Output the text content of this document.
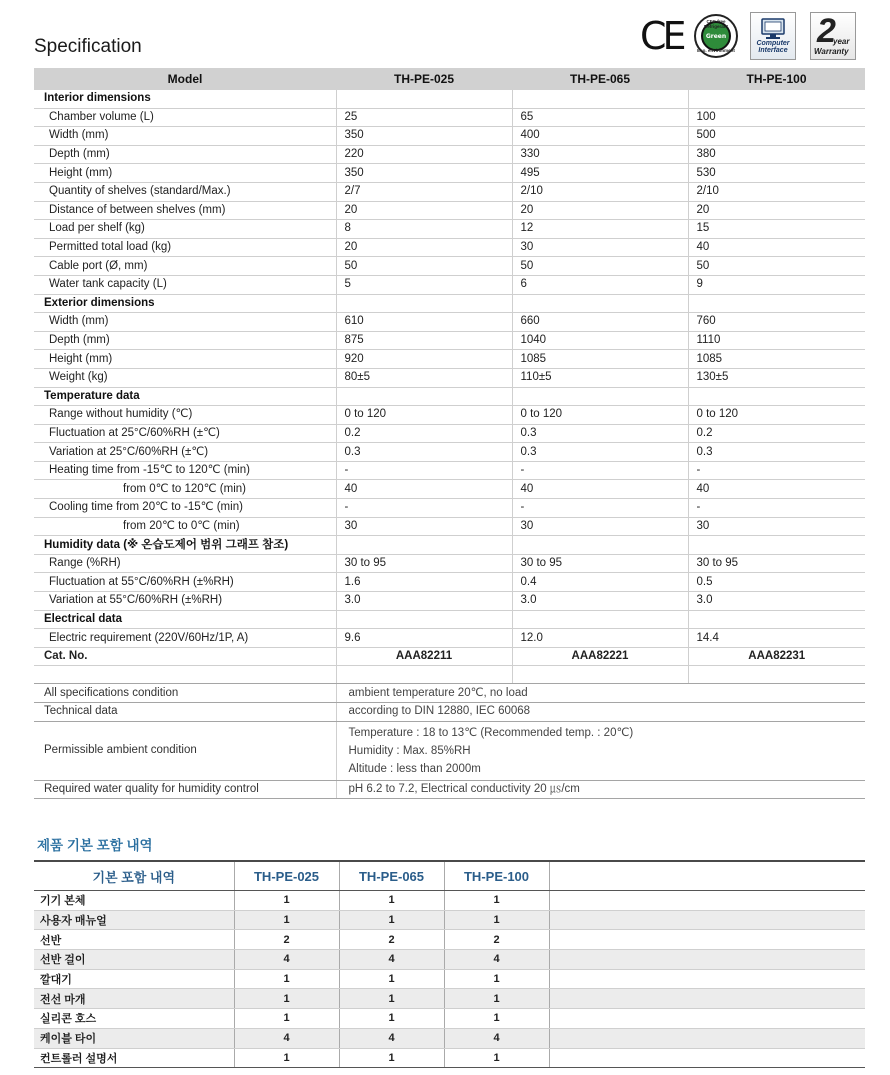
Specification	CE	CFC-free Refrigerant
Green
Eco. environment
Computer
Interface
2
year
Warranty
Model	TH-PE-025	TH-PE-065	TH-PE-100
Interior dimensions			
Chamber volume (L)	25	65	100
Width (mm)	350	400	500
Depth (mm)	220	330	380
Height (mm)	350	495	530
Quantity of shelves (standard/Max.)	2/7	2/10	2/10
Distance of between shelves (mm)	20	20	20
Load per shelf (kg)	8	12	15
Permitted total load (kg)	20	30	40
Cable port (Ø, mm)	50	50	50
Water tank capacity (L)	5	6	9
Exterior dimensions			
Width (mm)	610	660	760
Depth (mm)	875	1040	1110
Height (mm)	920	1085	1085
Weight (kg)	80±5	110±5	130±5
Temperature data			
Range without humidity (℃)	0 to 120	0 to 120	0 to 120
Fluctuation at 25°C/60%RH (±℃)	0.2	0.3	0.2
Variation at 25°C/60%RH (±℃)	0.3	0.3	0.3
Heating time from -15℃ to 120℃ (min)	-	-	-
from 0℃ to 120℃ (min)	40	40	40
Cooling time from 20℃ to -15℃ (min)	-	-	-
from 20℃ to 0℃ (min)	30	30	30
Humidity data (※ 온습도제어 범위 그래프 참조)			
Range (%RH)	30 to 95	30 to 95	30 to 95
Fluctuation at 55°C/60%RH (±%RH)	1.6	0.4	0.5
Variation at 55°C/60%RH (±%RH)	3.0	3.0	3.0
Electrical data			
Electric requirement (220V/60Hz/1P, A)	9.6	12.0	14.4
Cat. No.	AAA82211	AAA82221	AAA82231

All specifications condition	ambient temperature 20℃, no load		

Technical data	according to DIN 12880, IEC 60068		

Permissible ambient condition	Temperature : 18 to 13℃ (Recommended temp. : 20℃)
Humidity : Max. 85%RH
Altitude : less than 2000m		

Required water quality for humidity control	pH 6.2 to 7.2, Electrical conductivity 20 ㎲/cm		
제품 기본 포함 내역
기본 포함 내역	TH-PE-025	TH-PE-065	TH-PE-100	
기기 본체	1	1	1	
사용자 매뉴얼	1	1	1	
선반	2	2	2	
선반 걸이	4	4	4	
깔대기	1	1	1	
전선 마개	1	1	1	
실리콘 호스	1	1	1	
케이블 타이	4	4	4	
컨트롤러 설명서	1	1	1	
